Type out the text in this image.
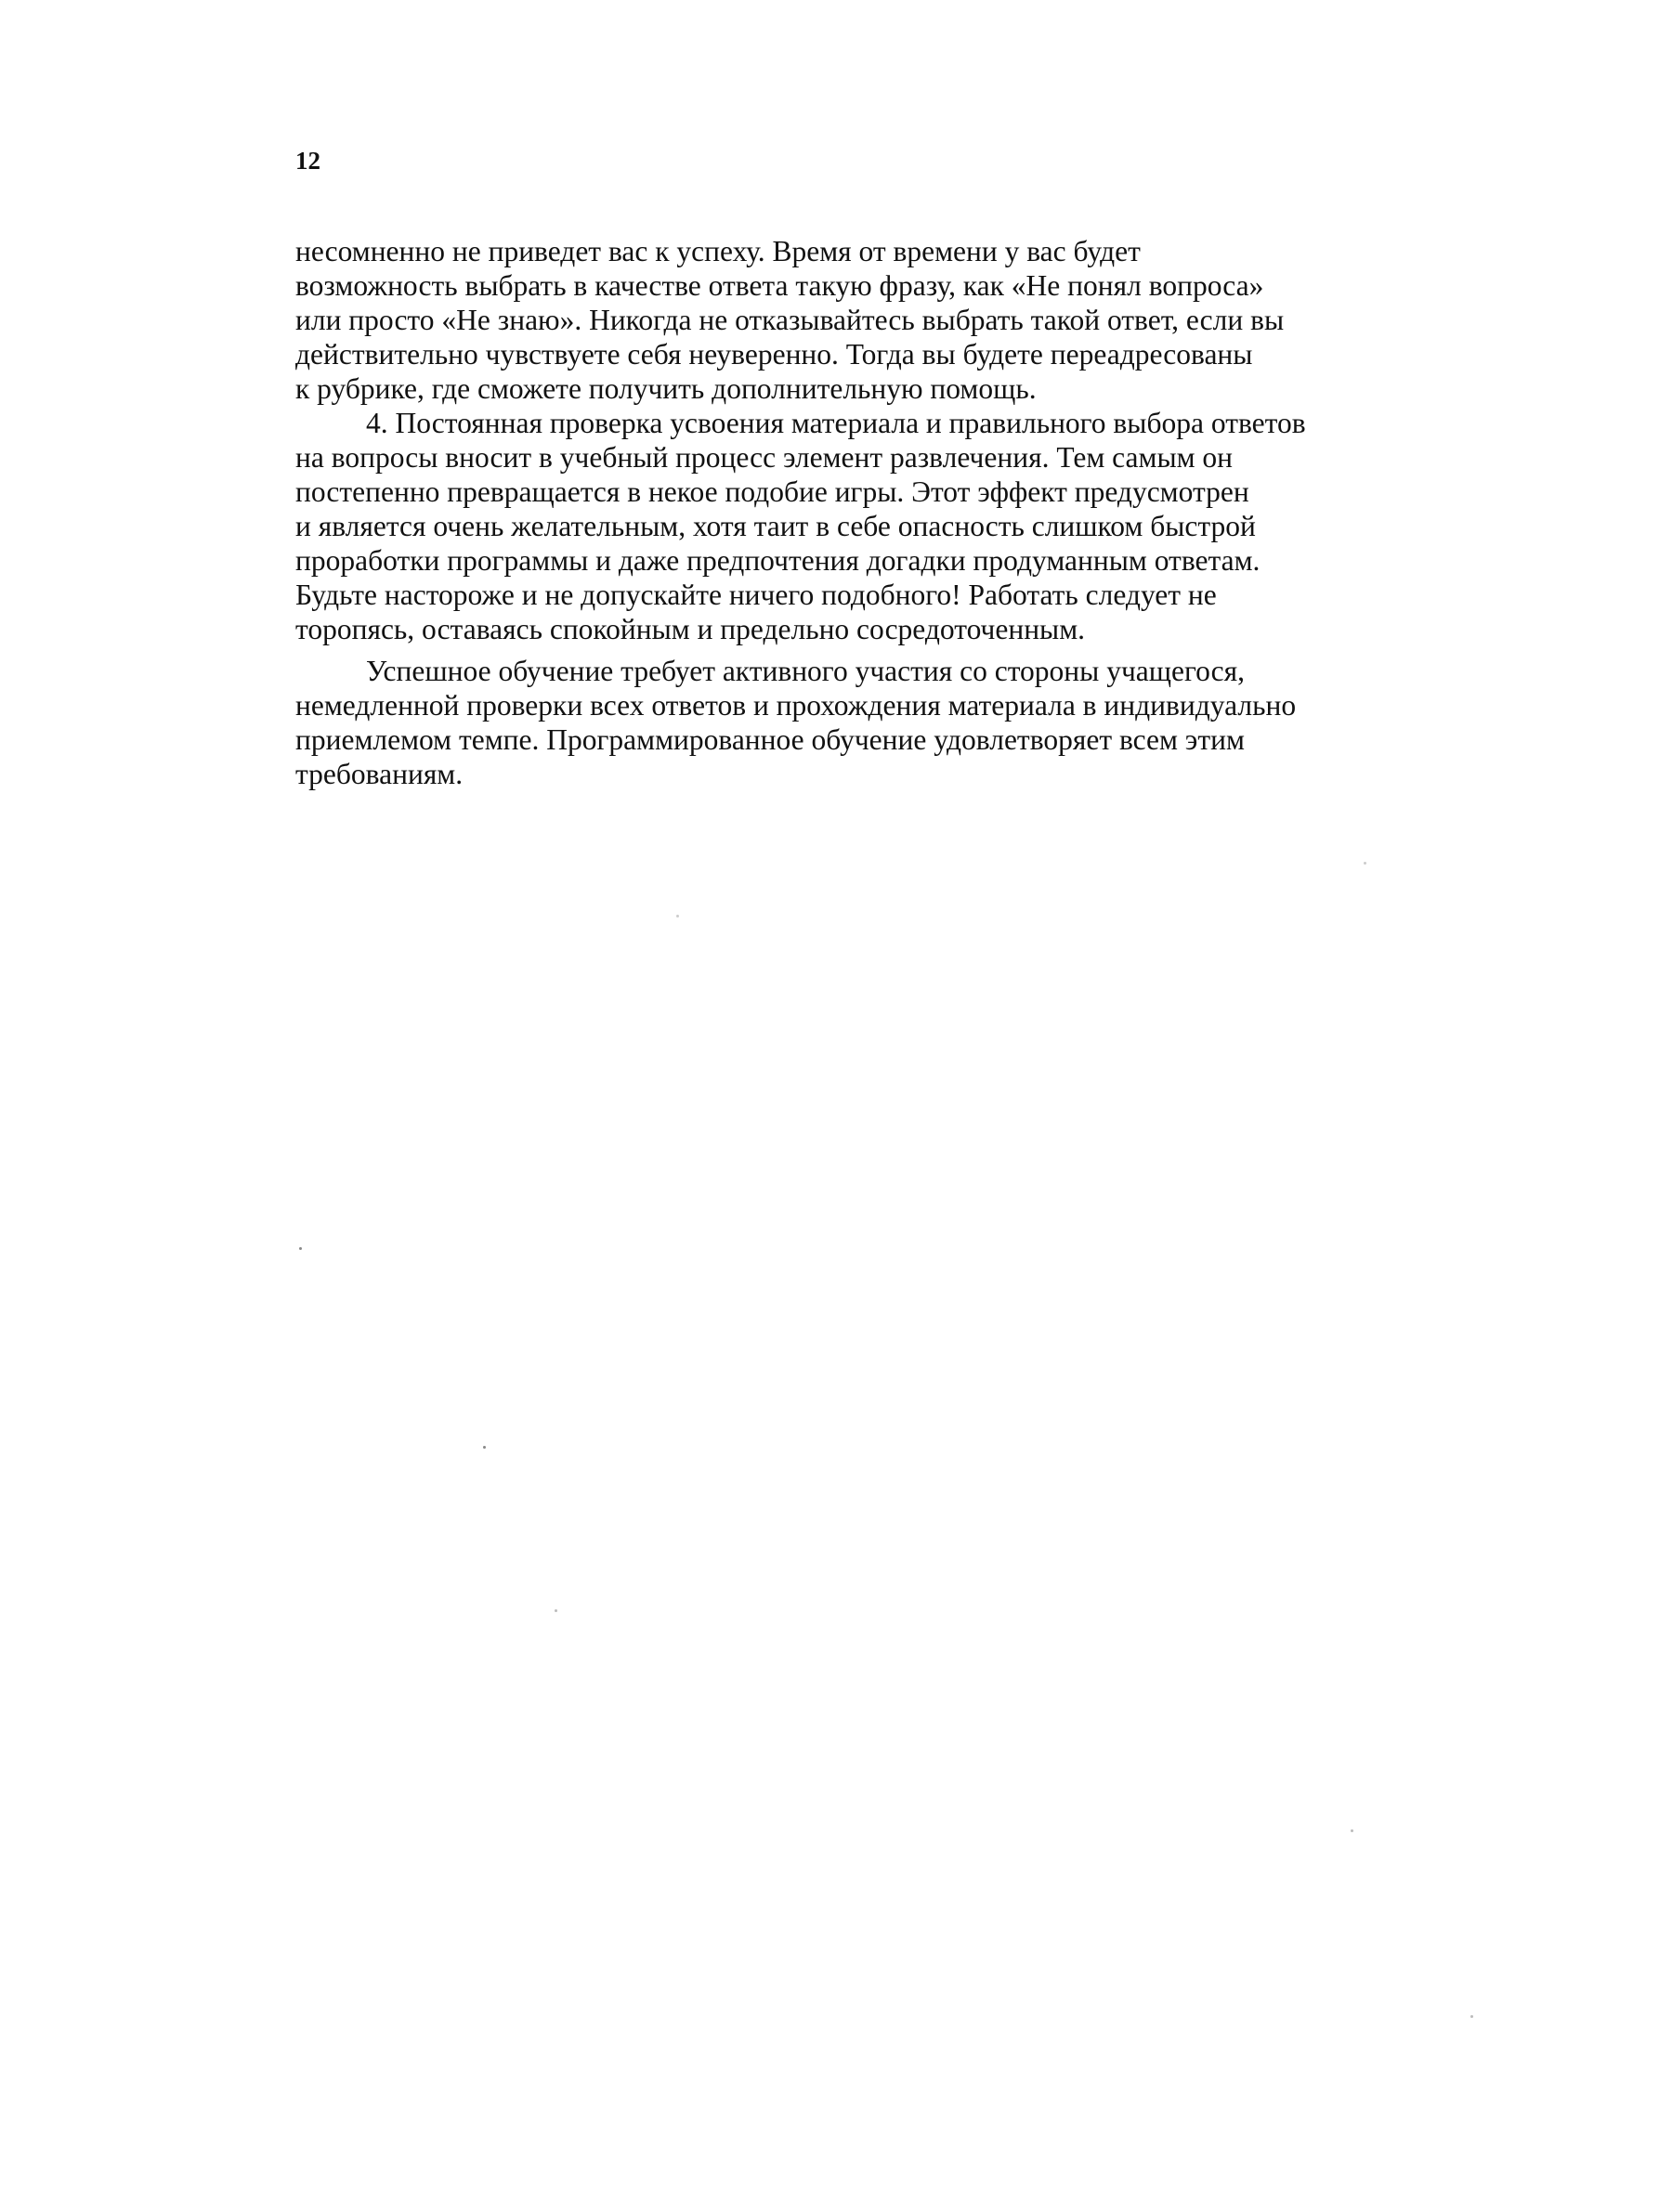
12

несомненно не приведет вас к успеху. Время от времени у вас будет
возможность выбрать в качестве ответа такую фразу, как «Не понял вопроса»
или просто «Не знаю». Никогда не отказывайтесь выбрать такой ответ, если вы
действительно чувствуете себя неуверенно. Тогда вы будете переадресованы
к рубрике, где сможете получить дополнительную помощь.

4. Постоянная проверка усвоения материала и правильного выбора ответов
на вопросы вносит в учебный процесс элемент развлечения. Тем самым он
постепенно превращается в некое подобие игры. Этот эффект предусмотрен
и является очень желательным, хотя таит в себе опасность слишком быстрой
проработки программы и даже предпочтения догадки продуманным ответам.
Будьте настороже и не допускайте ничего подобного! Работать следует не
торопясь, оставаясь спокойным и предельно сосредоточенным.

Успешное обучение требует активного участия со стороны учащегося,
немедленной проверки всех ответов и прохождения материала в индивидуально
приемлемом темпе. Программированное обучение удовлетворяет всем этим
требованиям.
